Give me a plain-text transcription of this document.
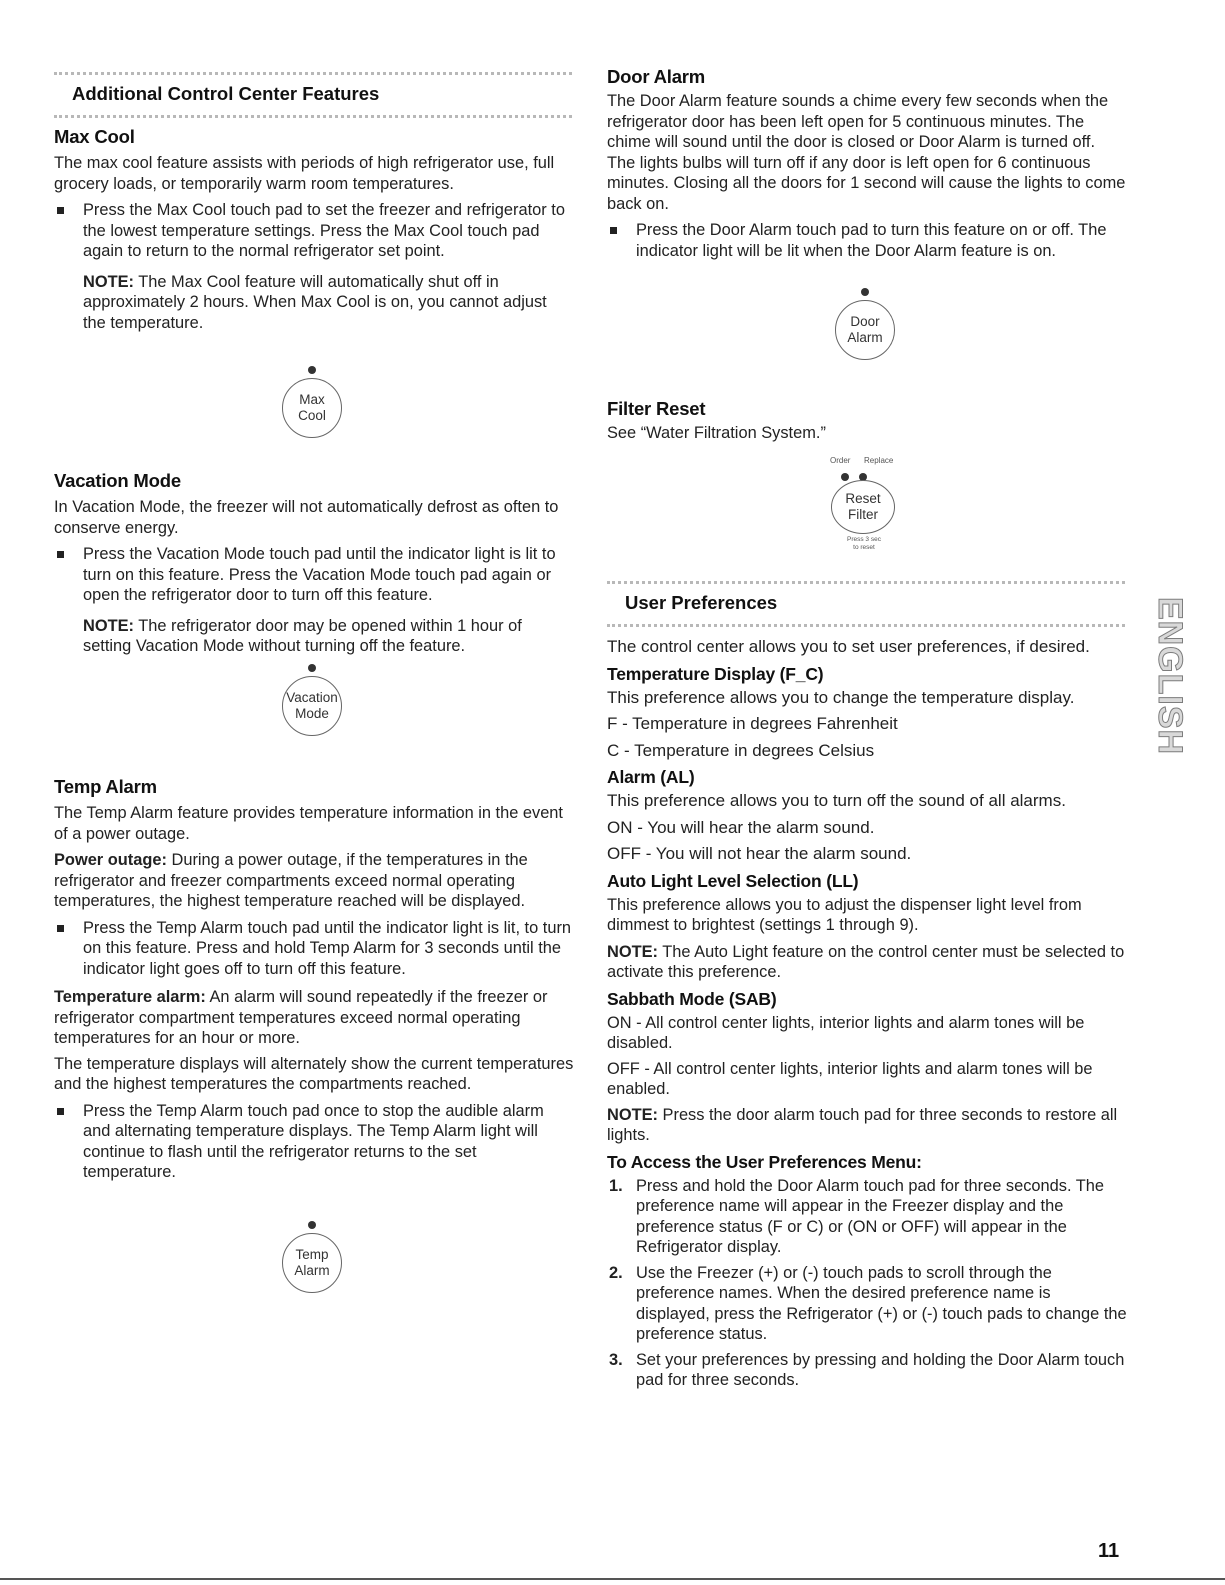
Additional Control Center Features

Max Cool

The max cool feature assists with periods of high refrigerator use, full grocery loads, or temporarily warm room temperatures.

Press the Max Cool touch pad to set the freezer and refrigerator to the lowest temperature settings. Press the Max Cool touch pad again to return to the normal refrigerator set point.

NOTE: The Max Cool feature will automatically shut off in approximately 2 hours. When Max Cool is on, you cannot adjust the temperature.

Max
Cool

Vacation Mode

In Vacation Mode, the freezer will not automatically defrost as often to conserve energy.

Press the Vacation Mode touch pad until the indicator light is lit to turn on this feature. Press the Vacation Mode touch pad again or open the refrigerator door to turn off this feature.

NOTE: The refrigerator door may be opened within 1 hour of setting Vacation Mode without turning off the feature.

Vacation
Mode

Temp Alarm

The Temp Alarm feature provides temperature information in the event of a power outage.

Power outage: During a power outage, if the temperatures in the refrigerator and freezer compartments exceed normal operating temperatures, the highest temperature reached will be displayed.

Press the Temp Alarm touch pad until the indicator light is lit, to turn on this feature. Press and hold Temp Alarm for 3 seconds until the indicator light goes off to turn off this feature.

Temperature alarm: An alarm will sound repeatedly if the freezer or refrigerator compartment temperatures exceed normal operating temperatures for an hour or more.

The temperature displays will alternately show the current temperatures and the highest temperatures the compartments reached.

Press the Temp Alarm touch pad once to stop the audible alarm and alternating temperature displays. The Temp Alarm light will continue to flash until the refrigerator returns to the set temperature.

Temp
Alarm

Door Alarm

The Door Alarm feature sounds a chime every few seconds when the refrigerator door has been left open for 5 continuous minutes. The chime will sound until the door is closed or Door Alarm is turned off. The lights bulbs will turn off if any door is left open for 6 continuous minutes. Closing all the doors for 1 second will cause the lights to come back on.

Press the Door Alarm touch pad to turn this feature on or off. The indicator light will be lit when the Door Alarm feature is on.

Door
Alarm

Filter Reset

See “Water Filtration System.”

Order Replace
Reset
Filter
Press 3 sec
to reset
User Preferences

The control center allows you to set user preferences, if desired.

Temperature Display (F_C)

This preference allows you to change the temperature display.

F - Temperature in degrees Fahrenheit

C - Temperature in degrees Celsius

Alarm (AL)

This preference allows you to turn off the sound of all alarms.

ON - You will hear the alarm sound.

OFF - You will not hear the alarm sound.

Auto Light Level Selection (LL)

This preference allows you to adjust the dispenser light level from dimmest to brightest (settings 1 through 9).

NOTE: The Auto Light feature on the control center must be selected to activate this preference.

Sabbath Mode (SAB)

ON - All control center lights, interior lights and alarm tones will be disabled.

OFF - All control center lights, interior lights and alarm tones will be enabled.

NOTE: Press the door alarm touch pad for three seconds to restore all lights.

To Access the User Preferences Menu:

1. Press and hold the Door Alarm touch pad for three seconds. The preference name will appear in the Freezer display and the preference status (F or C) or (ON or OFF) will appear in the Refrigerator display.

2. Use the Freezer (+) or (-) touch pads to scroll through the preference names. When the desired preference name is displayed, press the Refrigerator (+) or (-) touch pads to change the preference status.

3. Set your preferences by pressing and holding the Door Alarm touch pad for three seconds.

ENGLISH
11
